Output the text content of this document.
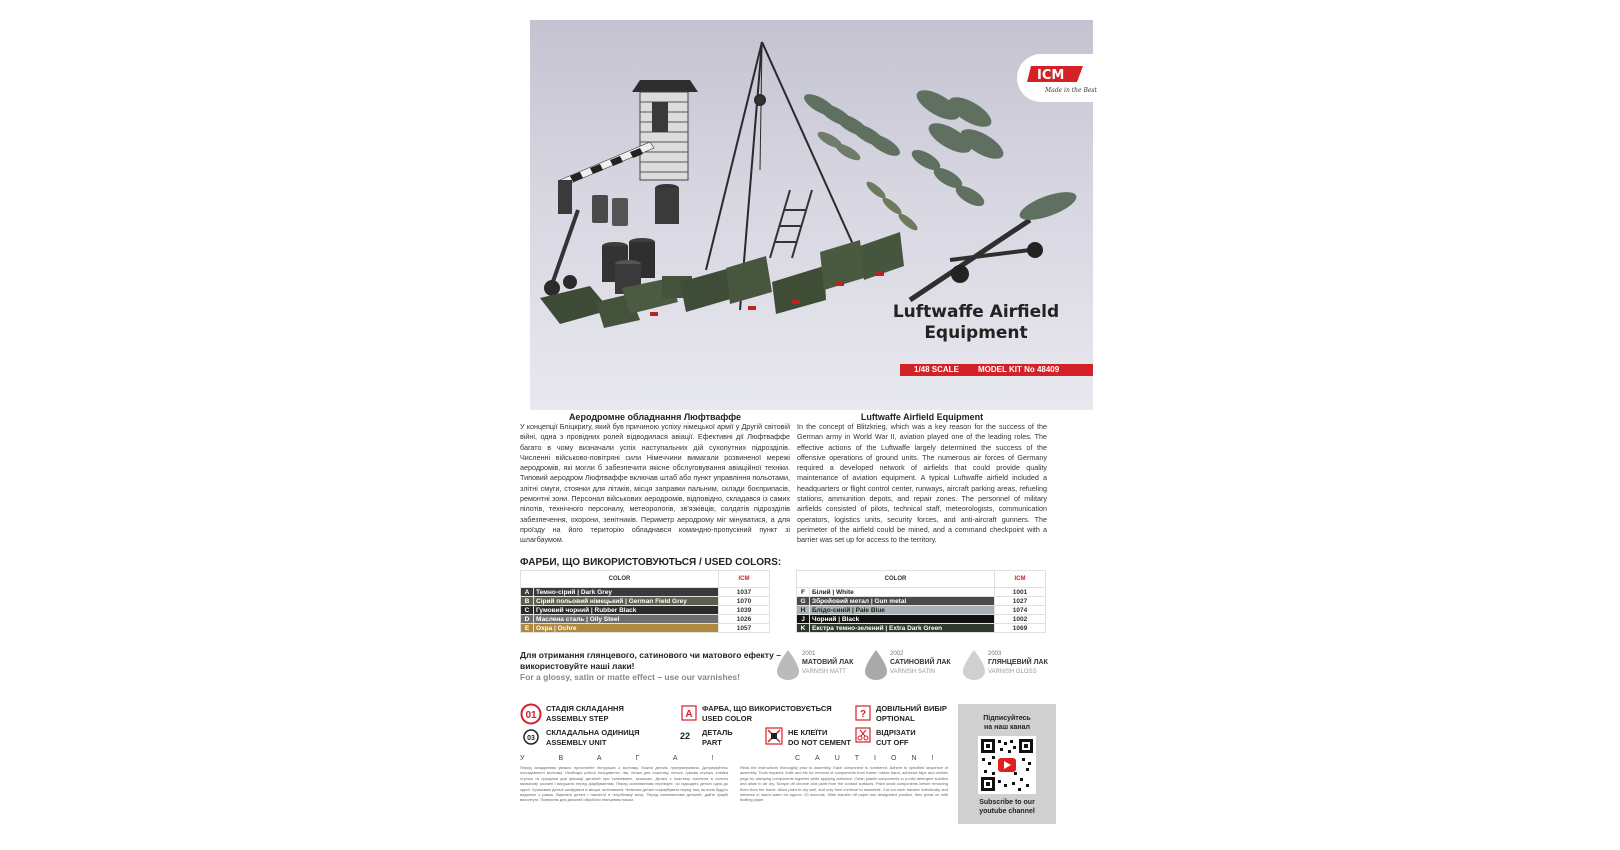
ICM
Made in the Best
Luftwaffe Airfield
Equipment
1/48 SCALE MODEL KIT No 48409
Аеродромне обладнання Люфтваффе
У концепції Бліцкригу, який був причиною успіху німецької армії у Другій світовій війні, одна з провідних ролей відводилася авіації. Ефективні дії Люфтваффе багато в чому визначали успіх наступальних дій сухопутних підрозділів. Численні військово-повітряні сили Німеччини вимагали розвиненої мережі аеродромів, які могли б забезпечити якісне обслуговування авіаційної техніки. Типовий аеродром Люфтваффе включав штаб або пункт управління польотами, злітні смуги, стоянки для літаків, місця заправки пальним, склади боєприпасів, ремонтні зони. Персонал військових аеродромів, відповідно, складався із самих пілотів, технічного персоналу, метеорологів, зв'язківців, солдатів підрозділів забезпечення, охорони, зенітників. Периметр аеродрому міг мінуватися, а для проїзду на його територію обладнався командно-пропускний пункт зі шлагбаумом.
Luftwaffe Airfield Equipment
In the concept of Blitzkrieg, which was a key reason for the success of the German army in World War II, aviation played one of the leading roles. The effective actions of the Luftwaffe largely determined the success of the offensive operations of ground units. The numerous air forces of Germany required a developed network of airfields that could provide quality maintenance of aviation equipment. A typical Luftwaffe airfield included a headquarters or flight control center, runways, aircraft parking areas, refueling stations, ammunition depots, and repair zones. The personnel of military airfields consisted of pilots, technical staff, meteorologists, communication operators, logistics units, security forces, and anti-aircraft gunners. The perimeter of the airfield could be mined, and a command checkpoint with a barrier was set up for access to the territory.
ФАРБИ, ЩО ВИКОРИСТОВУЮТЬСЯ / USED COLORS:
COLOR		ICM
A	Темно-сірий | Dark Grey	1037
B	Сірий польовий німецький | German Field Grey	1070
C	Гумовий чорний | Rubber Black	1039
D	Маслена сталь | Oily Steel	1026
E	Охра | Ochre	1057
COLOR		ICM
F	Білий | White	1001
G	Збройовий метал | Gun metal	1027
H	Блідо-синій | Pale Blue	1074
J	Чорний | Black	1002
K	Екстра темно-зелений | Extra Dark Green	1069
Для отримання глянцевого, сатинового чи матового ефекту –
використовуйте наші лаки!
For a glossy, satin or matte effect – use our varnishes!
2001
МАТОВИЙ ЛАК
VARNISH MATT
2002
САТИНОВИЙ ЛАК
VARNISH SATIN
2003
ГЛЯНЦЕВИЙ ЛАК
VARNISH GLOSS
01
СТАДІЯ СКЛАДАННЯ
ASSEMBLY STEP
03
СКЛАДАЛЬНА ОДИНИЦЯ
ASSEMBLY UNIT
A
ФАРБА, ЩО ВИКОРИСТОВУЄТЬСЯ
USED COLOR
22 ДЕТАЛЬ
PART
НЕ КЛЕЇТИ
DO NOT CEMENT
?
ДОВІЛЬНИЙ ВИБІР
OPTIONAL
ВІДРІЗАТИ
CUT OFF
УВАГА!	CAUTION!
Перед складанням уважно прочитайте інструкцію з монтажу. Кожна деталь пронумерована. Дотримуйтесь послідовності монтажу. Необхідні робочі інструменти: ніж, пилка для пластику, пензлі, гумова стрічка, клейка стрічка та прищіпки для фіксації деталей при склеюванні, затискачі. Деталі з пластику очистити в сильно мильному розчині і висушити перед фарбуванням. Перед склеюванням перевірте, чи підходять деталі одна до одної. Хромовані деталі шліфувати в місцях склеювання. Невеликі деталі пофарбувати перед тим, як вони будуть видалені з рамок. Вирізати деталі і наклеїти в потрібному місці. Перед склеюванням деталей, дайте фарбі висохнути. Поверхню для деколей обробити глянцевим лаком.
Read the instructions thoroughly prior to assembly. Each component is numbered. Adhere to specified sequence of assembly. Tools required: knife and file for removal of components from frame; rubber band, adhesive tape and clothes pegs for clamping components together while applying adhesive. Clean plastic components in a mild detergent solution and allow to air dry. Scrape off chrome and paint from the contact surfaces. Paint small components before removing them from the frame. Allow paint to dry well, and only then continue to assemble. Cut out each transfer individually and immerse in warm water for approx. 20 seconds. Slide transfer off paper into designated position, then press on with blotting paper.
Підписуйтесь
на наш канал
Subscribe to our
youtube channel
